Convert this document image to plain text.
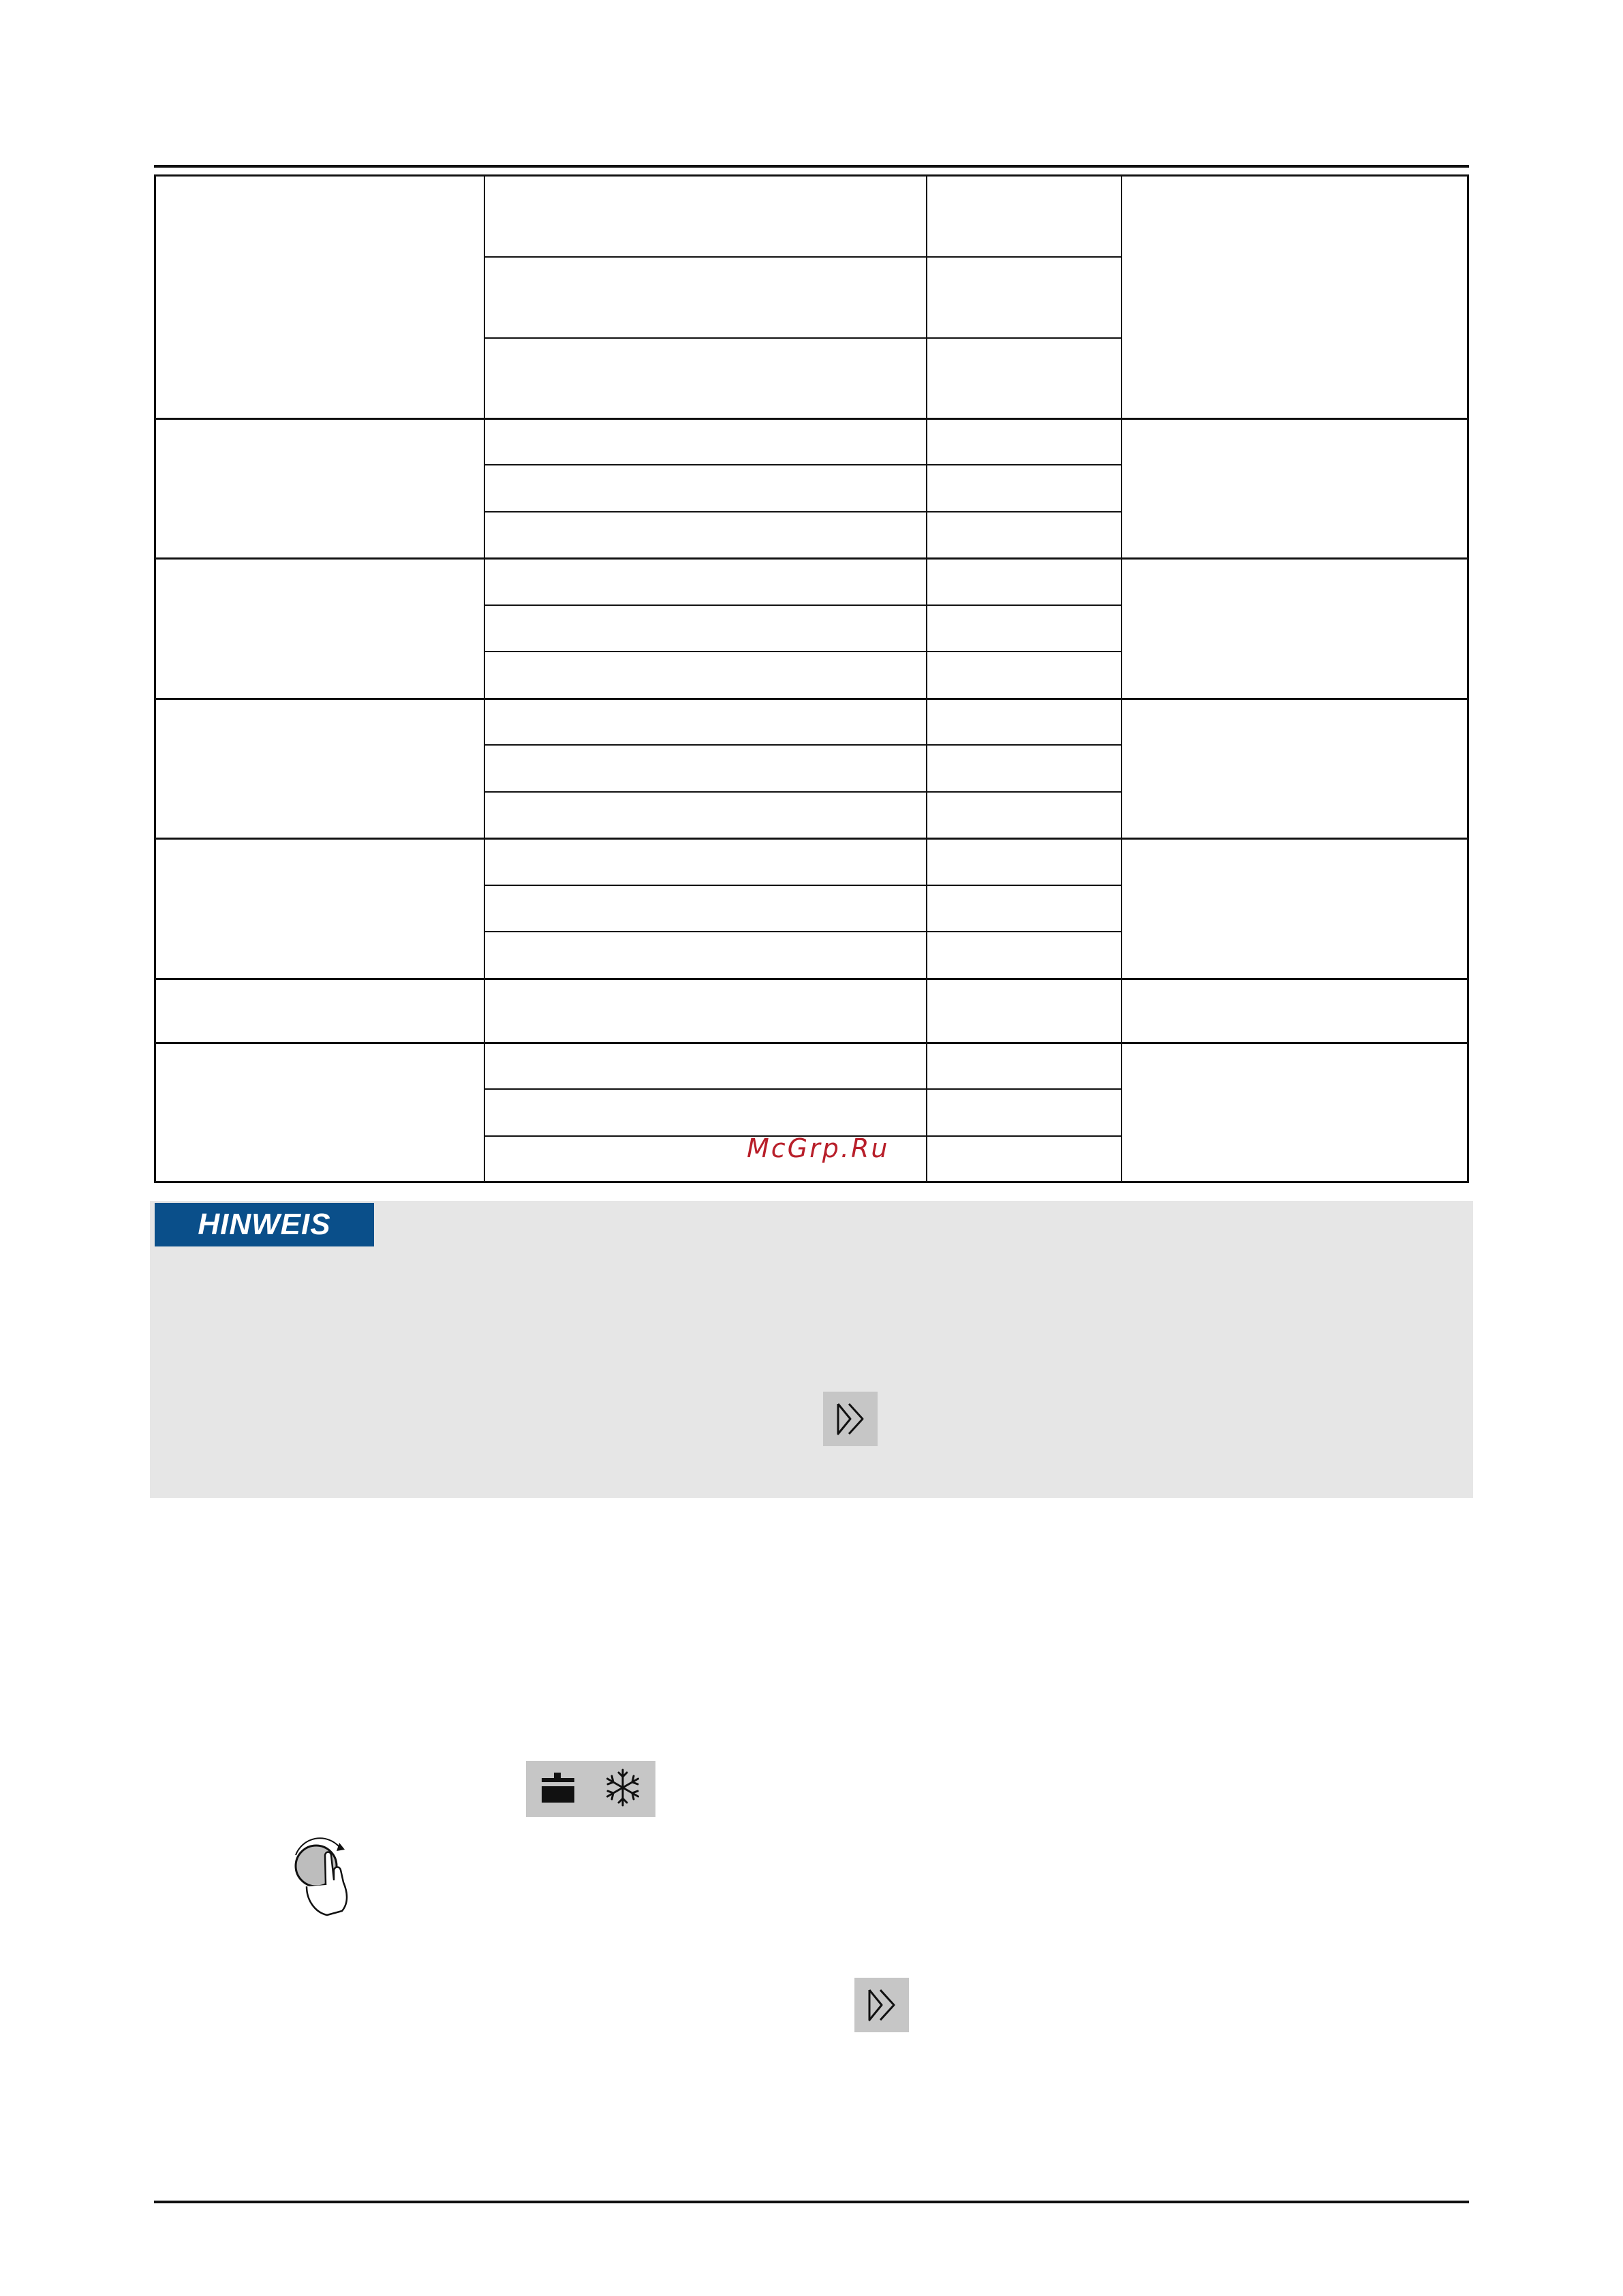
McGrp.Ru
HINWEIS
